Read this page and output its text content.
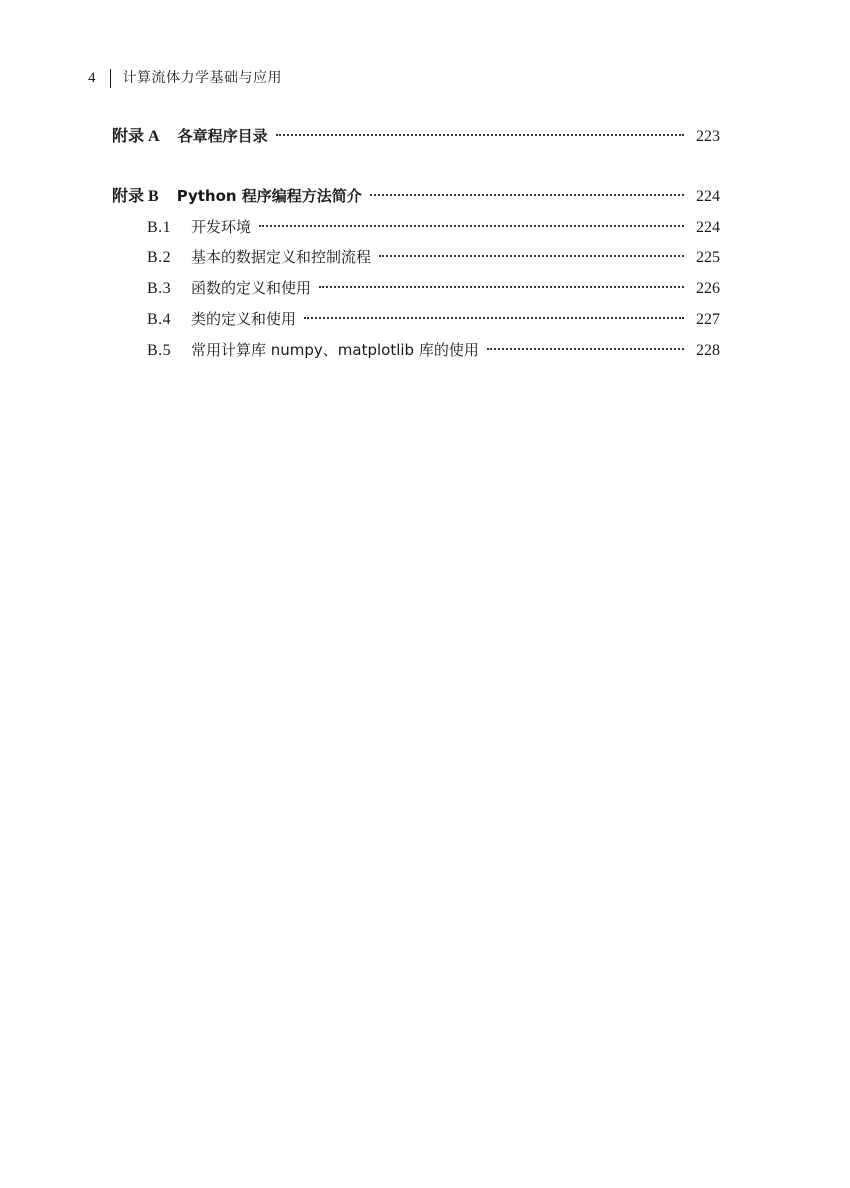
4 计算流体力学基础与应用
附录 A 各章程序目录	223
附录 B Python 程序编程方法简介	224
B.1	开发环境	224
B.2	基本的数据定义和控制流程	225
B.3	函数的定义和使用	226
B.4	类的定义和使用	227
B.5	常用计算库 numpy、matplotlib 库的使用	228
